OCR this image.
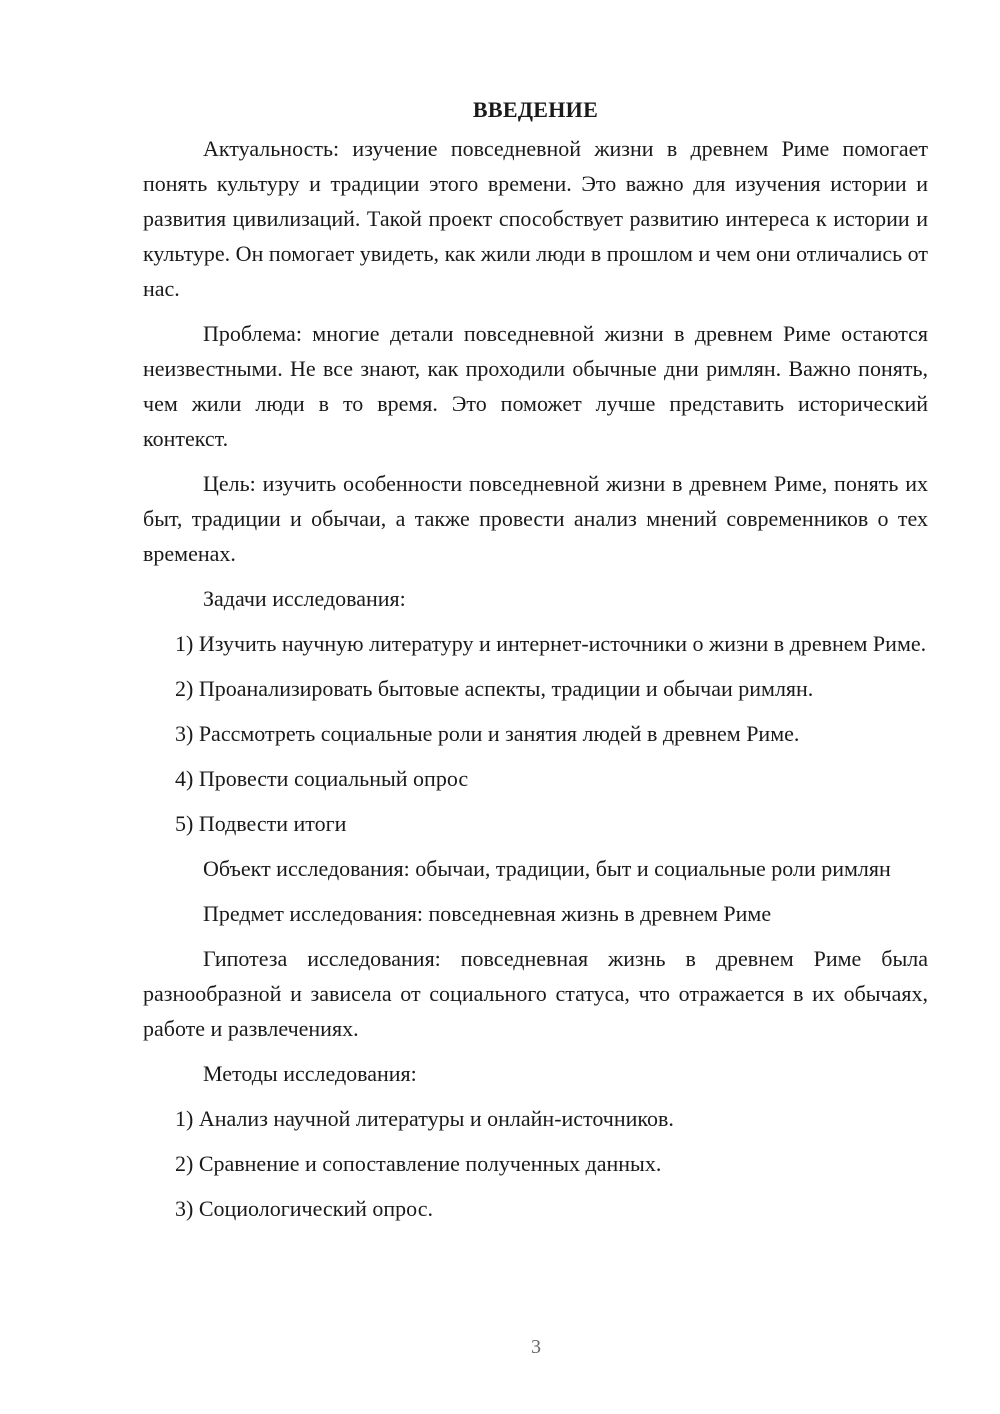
ВВЕДЕНИЕ

Актуальность: изучение повседневной жизни в древнем Риме помогает понять культуру и традиции этого времени. Это важно для изучения истории и развития цивилизаций. Такой проект способствует развитию интереса к истории и культуре. Он помогает увидеть, как жили люди в прошлом и чем они отличались от нас.

Проблема: многие детали повседневной жизни в древнем Риме остаются неизвестными. Не все знают, как проходили обычные дни римлян. Важно понять, чем жили люди в то время. Это поможет лучше представить исторический контекст.

Цель: изучить особенности повседневной жизни в древнем Риме, понять их быт, традиции и обычаи, а также провести анализ мнений современников о тех временах.

Задачи исследования:

1) Изучить научную литературу и интернет-источники о жизни в древнем Риме.

2) Проанализировать бытовые аспекты, традиции и обычаи римлян.

3) Рассмотреть социальные роли и занятия людей в древнем Риме.

4) Провести социальный опрос

5) Подвести итоги

Объект исследования: обычаи, традиции, быт и социальные роли римлян

Предмет исследования: повседневная жизнь в древнем Риме

Гипотеза исследования: повседневная жизнь в древнем Риме была разнообразной и зависела от социального статуса, что отражается в их обычаях, работе и развлечениях.

Методы исследования:

1) Анализ научной литературы и онлайн-источников.

2) Сравнение и сопоставление полученных данных.

3) Социологический опрос.

3
